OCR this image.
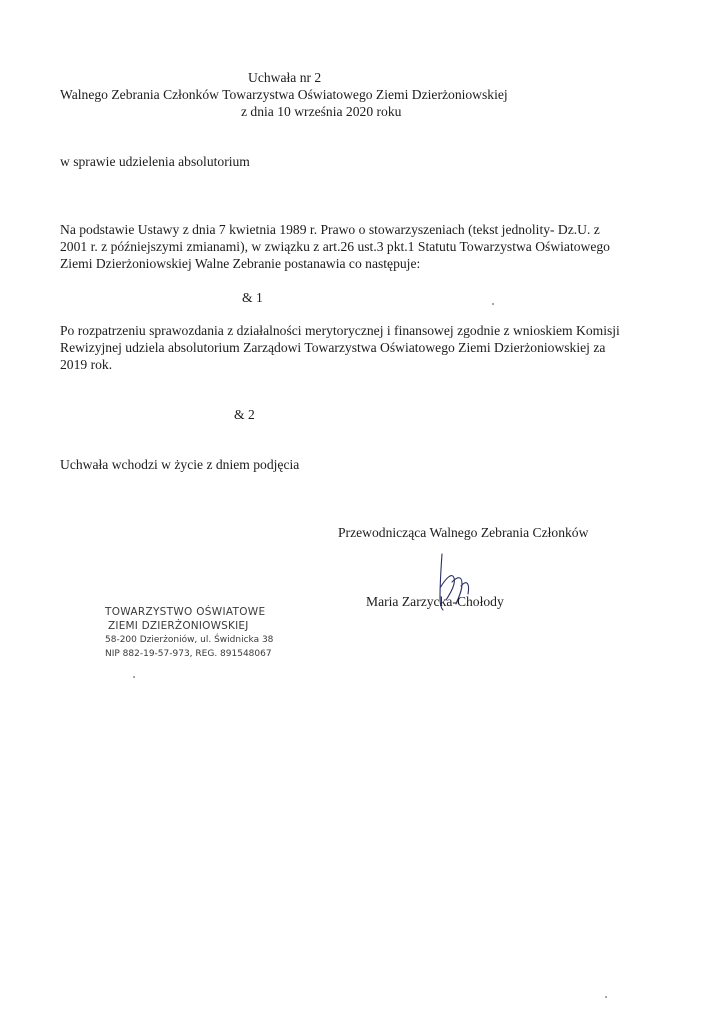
Uchwała nr 2
Walnego Zebrania Członków Towarzystwa Oświatowego Ziemi Dzierżoniowskiej
z dnia 10 września 2020 roku
w sprawie udzielenia absolutorium
Na podstawie Ustawy z dnia 7 kwietnia 1989 r. Prawo o stowarzyszeniach (tekst jednolity- Dz.U. z
2001 r. z późniejszymi zmianami), w związku z art.26 ust.3 pkt.1 Statutu Towarzystwa Oświatowego
Ziemi Dzierżoniowskiej Walne Zebranie postanawia co następuje:
& 1
Po rozpatrzeniu sprawozdania z działalności merytorycznej i finansowej zgodnie z wnioskiem Komisji
Rewizyjnej udziela absolutorium Zarządowi Towarzystwa Oświatowego Ziemi Dzierżoniowskiej za
2019 rok.
& 2
Uchwała wchodzi w życie z dniem podjęcia
Przewodnicząca Walnego Zebrania Członków
Maria Zarzycka-Chołody
TOWARZYSTWO OŚWIATOWE
ZIEMI DZIERŻONIOWSKIEJ
58-200 Dzierżoniów, ul. Świdnicka 38
NIP 882-19-57-973, REG. 891548067
